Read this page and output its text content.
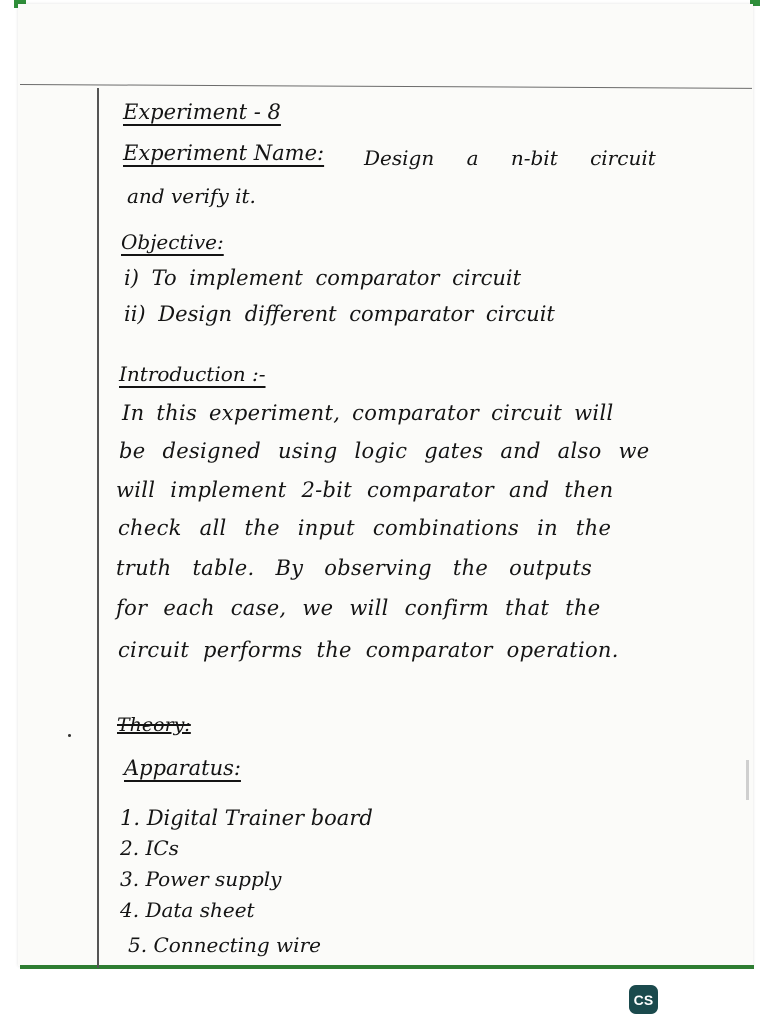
Experiment - 8
Experiment Name: Design a n-bit circuit
and verify it.
Objective:
i) To implement comparator circuit
ii) Design different comparator circuit
Introduction :-
In this experiment, comparator circuit will
be designed using logic gates and also we
will implement 2-bit comparator and then
check all the input combinations in the
truth table. By observing the outputs
for each case, we will confirm that the
circuit performs the comparator operation.
Theory:
Apparatus:
1. Digital Trainer board
2. ICs
3. Power supply
4. Data sheet
5. Connecting wire
CS
